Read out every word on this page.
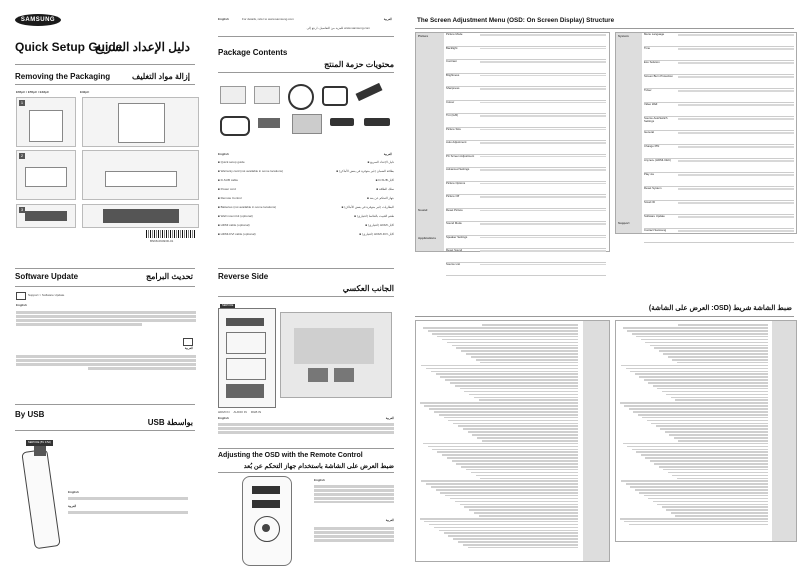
SAMSUNG
Quick Setup Guide
دليل الإعداد السريع
Removing the Packaging	إزالة مواد التغليف
E65pC / E55pC / E48pC	E32pC
1
2
3
BN68-09493D-01
English	For details, refer to www.samsung.com	العربية
www.samsung.com للمزيد من التفاصيل، ارجع إلى
Package Contents
محتويات حزمة المنتج
English	العربية
■ Quick setup guide
■ Warranty card (not available in some locations)
■ D-SUB cable
■ Power cord
■ Remote Control
■ Batteries (not available in some locations)
■ Wall mount kit (optional)
■ HDMI cable (optional)
■ HDMI-DVI cable (optional)
دليل الإعداد السريع ■
بطاقة الضمان (غير متوفرة في بعض الأماكن) ■
كابل D-SUB ■
سلك الطاقة ■
جهاز التحكم عن بعد ■
البطاريات (غير متوفرة في بعض الأماكن) ■
طقم التثبيت بالحائط (اختياري) ■
كابل HDMI (اختياري) ■
كابل HDMI-DVI (اختياري) ■
The Screen Adjustment Menu (OSD: On Screen Display) Structure
Picture
Sound
Applications
Picture Mode
Backlight
Contrast
Brightness
Sharpness
Colour
Tint (G/R)
Picture Size
Auto Adjustment
PC Screen Adjustment
Advanced Settings
Picture Options
Picture Off
Reset Picture
Sound Mode
Speaker Settings
Reset Sound
Source List
System
Support
Menu Language
Time
Eco Solution
Screen Burn Protection
Ticker
Video Wall
Source AutoSwitch Settings
General
Change PIN
Anynet+ (HDMI-CEC)
Play via
Reset System
Smart ID
Software Update
Contact Samsung
Software Update	تحديث البرامج
Support > Software Update
English
العربية
By USB
بواسطة USB
SERVICE (5V 0.5A)
English
العربية
Reverse Side
الجانب العكسي
SERVICE
HDMI IN AUDIO IN RGB IN
English	العربية
Adjusting the OSD with the Remote Control
ضبط العرض على الشاشة باستخدام جهاز التحكم عن بُعد
English
العربية
ضبط الشاشة شريط (OSD: العرض على الشاشة)
